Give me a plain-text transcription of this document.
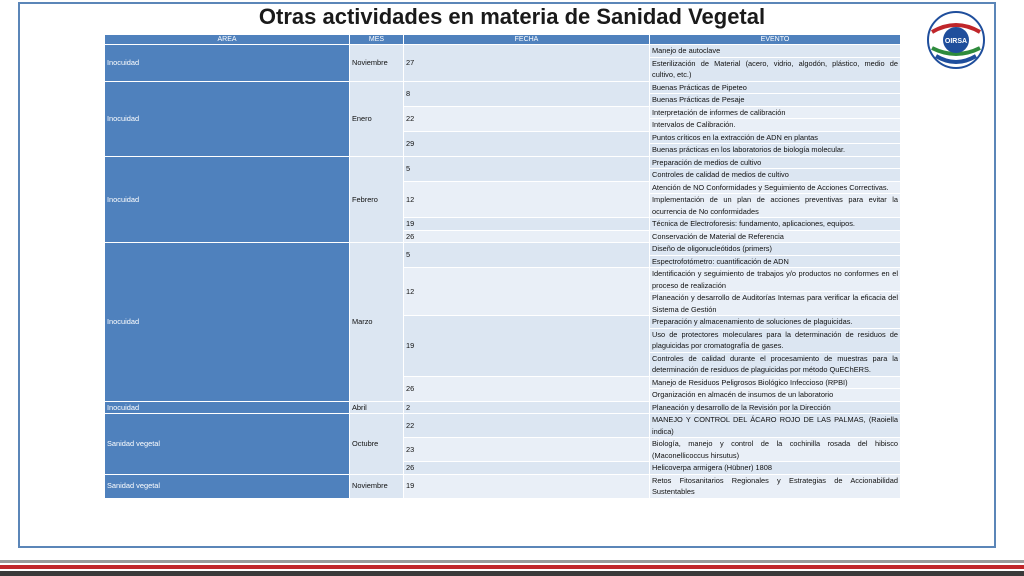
Otras actividades en materia de Sanidad Vegetal
OIRSA
AREA	MES	FECHA	EVENTO
Inocuidad	Noviembre	27	Manejo de autoclave
			Esterilización de Material (acero, vidrio, algodón, plástico, medio de cultivo, etc.)
Inocuidad	Enero	8	Buenas Prácticas de Pipeteo
			Buenas Prácticas de Pesaje
		22	Interpretación de informes de calibración
			Intervalos de Calibración.
		29	Puntos críticos en la extracción de ADN en plantas
			Buenas prácticas en los laboratorios de biología molecular.
Inocuidad	Febrero	5	Preparación de medios de cultivo
			Controles de calidad de medios de cultivo
		12	Atención de NO Conformidades y Seguimiento de Acciones Correctivas.
			Implementación de un plan de acciones preventivas para evitar la ocurrencia de No conformidades
		19	Técnica de Electroforesis: fundamento, aplicaciones, equipos.
		26	Conservación de Material de Referencia
Inocuidad	Marzo	5	Diseño de oligonucleótidos (primers)
			Espectrofotómetro: cuantificación de ADN
		12	Identificación y seguimiento de trabajos y/o productos no conformes en el proceso de realización
			Planeación y desarrollo de Auditorías Internas para verificar la eficacia del Sistema de Gestión
		19	Preparación y almacenamiento de soluciones de plaguicidas.
			Uso de protectores moleculares para la determinación de residuos de plaguicidas por cromatografía de gases.
			Controles de calidad durante el procesamiento de muestras para la determinación de residuos de plaguicidas por método QuEChERS.
		26	Manejo de Residuos Peligrosos Biológico Infeccioso (RPBI)
			Organización en almacén de insumos de un laboratorio
Inocuidad	Abril	2	Planeación y desarrollo de la Revisión por la Dirección
Sanidad vegetal	Octubre	22	MANEJO Y CONTROL DEL ÁCARO ROJO DE LAS PALMAS, (Raoiella indica)
		23	Biología, manejo y control de la cochinilla rosada del hibisco (Maconellicoccus hirsutus)
		26	Helicoverpa armigera (Hübner) 1808
Sanidad vegetal	Noviembre	19	Retos Fitosanitarios Regionales y Estrategias de Accionabilidad Sustentables
